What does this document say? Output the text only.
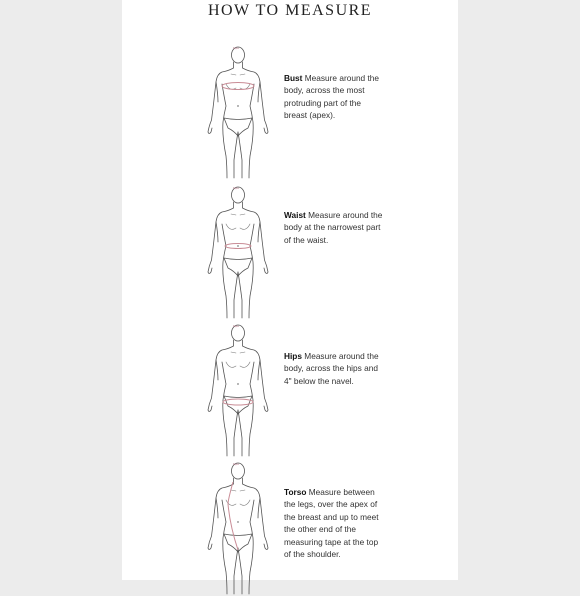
HOW TO MEASURE
tape

Bust Measure around the body, across the most protruding part of the breast (apex).

tape

Waist Measure around the body at the narrowest part of the waist.

tape

Hips Measure around the body, across the hips and 4" below the navel.

tape

Torso Measure between the legs, over the apex of the breast and up to meet the other end of the measuring tape at the top of the shoulder.
